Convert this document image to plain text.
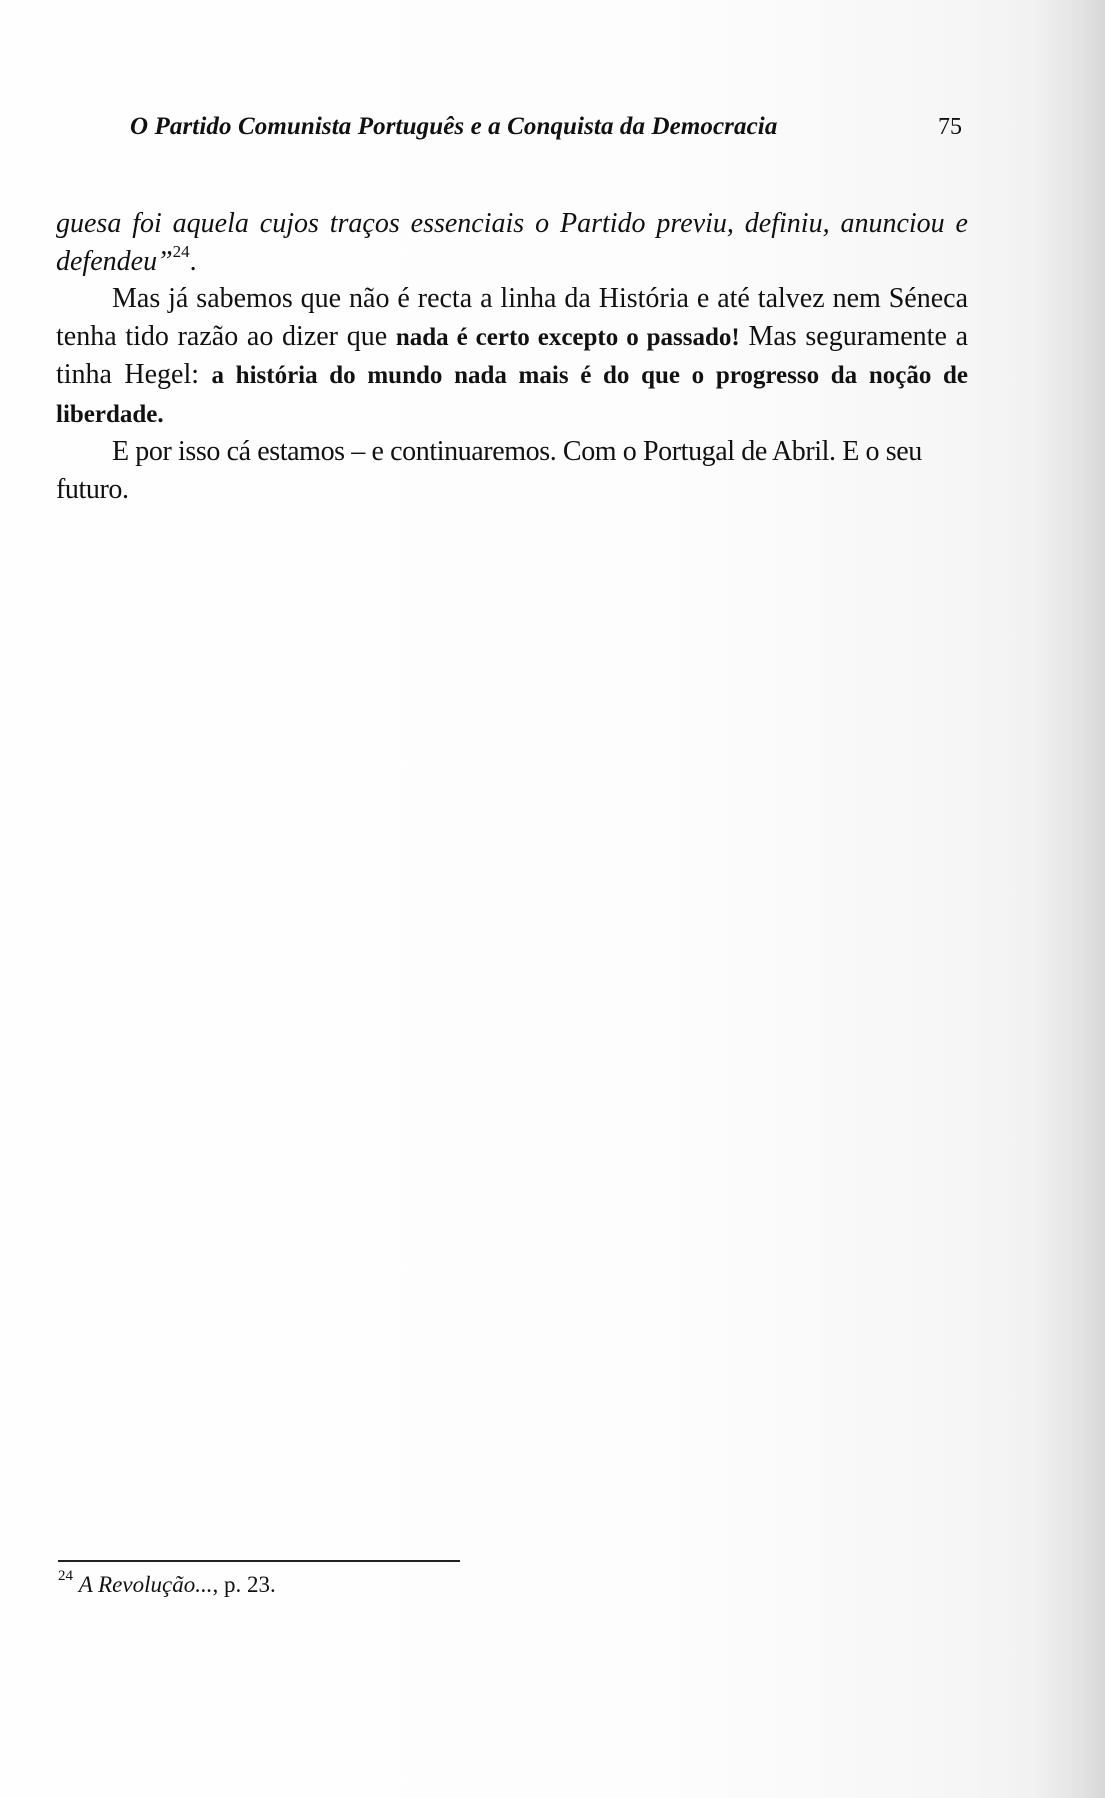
O Partido Comunista Português e a Conquista da Democracia	75

guesa foi aquela cujos traços essenciais o Partido previu, definiu, anunciou e defendeu”$^{24}$.

Mas já sabemos que não é recta a linha da História e até talvez nem Séneca tenha tido razão ao dizer que nada é certo excepto o passado! Mas seguramente a tinha Hegel: a história do mundo nada mais é do que o progresso da noção de liberdade.

E por isso cá estamos – e continuaremos. Com o Portugal de Abril. E o seu futuro.

$^{24}$ A Revolução..., p. 23.
